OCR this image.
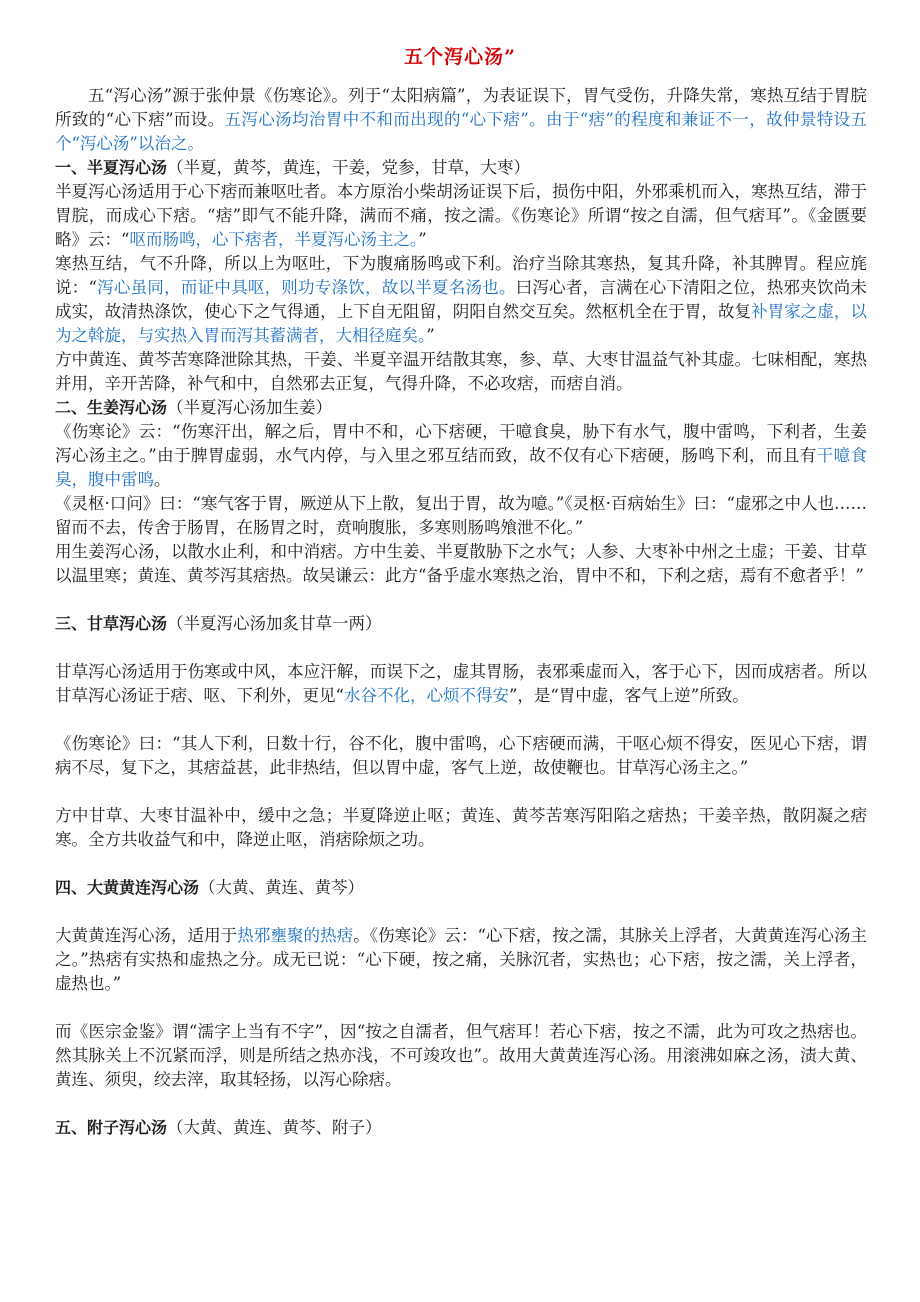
五个泻心汤”

五“泻心汤”源于张仲景《伤寒论》。列于“太阳病篇”，为表证误下，胃气受伤，升降失常，寒热互结于胃脘所致的“心下痞”而设。五泻心汤均治胃中不和而出现的“心下痞”。由于“痞”的程度和兼证不一，故仲景特设五个“泻心汤”以治之。

一、半夏泻心汤（半夏，黄芩，黄连，干姜，党参，甘草，大枣）

半夏泻心汤适用于心下痞而兼呕吐者。本方原治小柴胡汤证误下后，损伤中阳，外邪乘机而入，寒热互结，滞于胃脘，而成心下痞。“痞”即气不能升降，满而不痛，按之濡。《伤寒论》所谓“按之自濡，但气痞耳”。《金匮要略》云：“呕而肠鸣，心下痞者，半夏泻心汤主之。”

寒热互结，气不升降，所以上为呕吐，下为腹痛肠鸣或下利。治疗当除其寒热，复其升降，补其脾胃。程应旄说：“泻心虽同，而证中具呕，则功专涤饮，故以半夏名汤也。曰泻心者，言满在心下清阳之位，热邪夹饮尚未成实，故清热涤饮，使心下之气得通，上下自无阻留，阴阳自然交互矣。然枢机全在于胃，故复补胃家之虚，以为之斡旋，与实热入胃而泻其蓄满者，大相径庭矣。”

方中黄连、黄芩苦寒降泄除其热，干姜、半夏辛温开结散其寒，参、草、大枣甘温益气补其虚。七味相配，寒热并用，辛开苦降，补气和中，自然邪去正复，气得升降，不必攻痞，而痞自消。

二、生姜泻心汤（半夏泻心汤加生姜）

《伤寒论》云：“伤寒汗出，解之后，胃中不和，心下痞硬，干噫食臭，胁下有水气，腹中雷鸣，下利者，生姜泻心汤主之。”由于脾胃虚弱，水气内停，与入里之邪互结而致，故不仅有心下痞硬，肠鸣下利，而且有干噫食臭，腹中雷鸣。

《灵枢·口问》曰：“寒气客于胃，厥逆从下上散，复出于胃，故为噫。”《灵枢·百病始生》曰：“虚邪之中人也……留而不去，传舍于肠胃，在肠胃之时，贲响腹胀，多寒则肠鸣飧泄不化。”

用生姜泻心汤，以散水止利，和中消痞。方中生姜、半夏散胁下之水气；人参、大枣补中州之土虚；干姜、甘草以温里寒；黄连、黄芩泻其痞热。故吴谦云：此方“备乎虚水寒热之治，胃中不和，下利之痞，焉有不愈者乎！”

三、甘草泻心汤（半夏泻心汤加炙甘草一两）

甘草泻心汤适用于伤寒或中风，本应汗解，而误下之，虚其胃肠，表邪乘虚而入，客于心下，因而成痞者。所以甘草泻心汤证于痞、呕、下利外，更见“水谷不化，心烦不得安”，是“胃中虚，客气上逆”所致。

《伤寒论》曰：“其人下利，日数十行，谷不化，腹中雷鸣，心下痞硬而满，干呕心烦不得安，医见心下痞，谓病不尽，复下之，其痞益甚，此非热结，但以胃中虚，客气上逆，故使鞭也。甘草泻心汤主之。”

方中甘草、大枣甘温补中，缓中之急；半夏降逆止呕；黄连、黄芩苦寒泻阳陷之痞热；干姜辛热，散阴凝之痞寒。全方共收益气和中，降逆止呕，消痞除烦之功。

四、大黄黄连泻心汤（大黄、黄连、黄芩）

大黄黄连泻心汤，适用于热邪壅聚的热痞。《伤寒论》云：“心下痞，按之濡，其脉关上浮者，大黄黄连泻心汤主之。”热痞有实热和虚热之分。成无已说：“心下硬，按之痛，关脉沉者，实热也；心下痞，按之濡，关上浮者，虚热也。”

而《医宗金鉴》谓“濡字上当有不字”，因“按之自濡者，但气痞耳！若心下痞，按之不濡，此为可攻之热痞也。然其脉关上不沉紧而浮，则是所结之热亦浅，不可竣攻也”。故用大黄黄连泻心汤。用滚沸如麻之汤，渍大黄、黄连、须臾，绞去滓，取其轻扬，以泻心除痞。

五、附子泻心汤（大黄、黄连、黄芩、附子）
